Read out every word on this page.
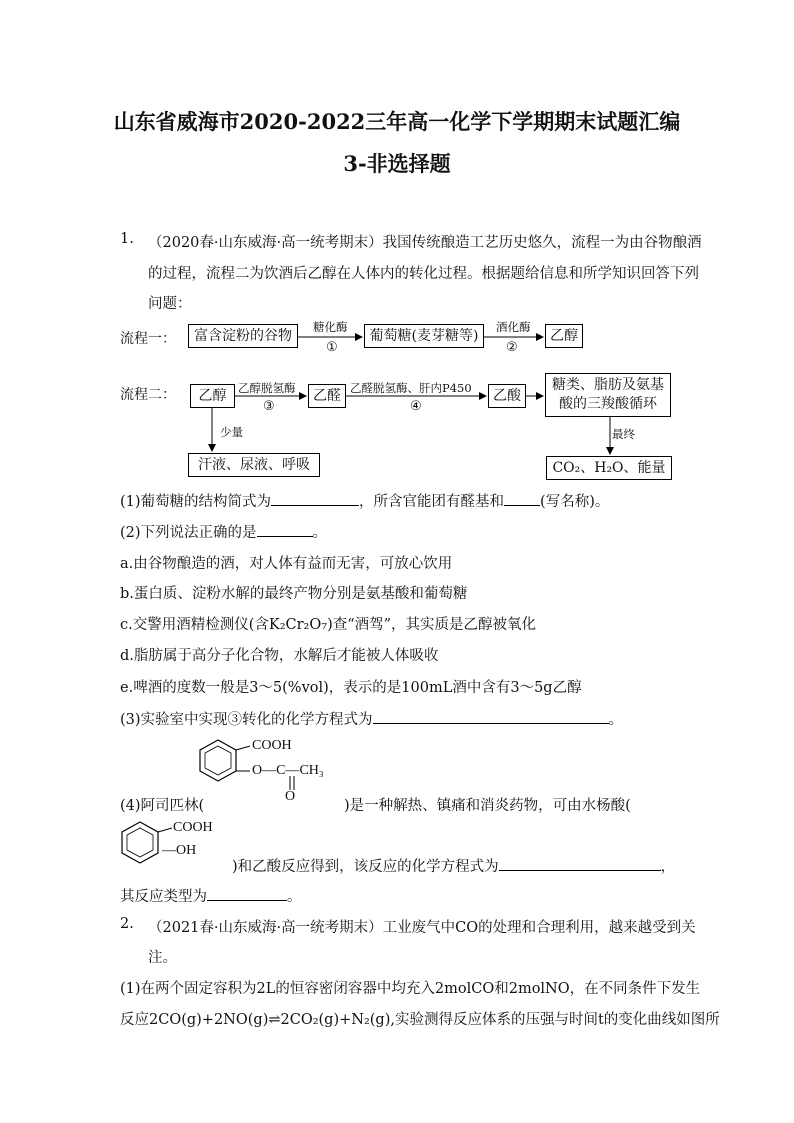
山东省威海市2020-2022三年高一化学下学期期末试题汇编
3-非选择题
1. （2020春·山东威海·高一统考期末）我国传统酿造工艺历史悠久，流程一为由谷物酿酒
的过程，流程二为饮酒后乙醇在人体内的转化过程。根据题给信息和所学知识回答下列
问题：
流程一：	富含淀粉的谷物
糖化酶
①
葡萄糖(麦芽糖等)
酒化酶
②
乙醇
流程二：	乙醇	乙醇脱氢酶
③
乙醛 乙醛脱氢酶、肝内P450
④
乙酸
糖类、脂肪及氨基
酸的三羧酸循环
少量
汗液、尿液、呼吸
最终
CO₂、H₂O、能量
(1)葡萄糖的结构简式为	，所含官能团有醛基和 (写名称)。
(2)下列说法正确的是	。
a.由谷物酿造的酒，对人体有益而无害，可放心饮用
b.蛋白质、淀粉水解的最终产物分别是氨基酸和葡萄糖
c.交警用酒精检测仪(含K₂Cr₂O₇)查“酒驾”，其实质是乙醇被氧化
d.脂肪属于高分子化合物，水解后才能被人体吸收
e.啤酒的度数一般是3～5(%vol)，表示的是100mL酒中含有3～5g乙醇
(3)实验室中实现③转化的化学方程式为	。
COOH
O—C—CH₃
O
(4)阿司匹林(	)是一种解热、镇痛和消炎药物，可由水杨酸(
COOH
—OH
)和乙酸反应得到，该反应的化学方程式为	，
其反应类型为	。
2. （2021春·山东威海·高一统考期末）工业废气中CO的处理和合理利用，越来越受到关
注。
(1)在两个固定容积为2L的恒容密闭容器中均充入2molCO和2molNO，在不同条件下发生
反应2CO(g)+2NO(g)⇌2CO₂(g)+N₂(g),实验测得反应体系的压强与时间t的变化曲线如图所
